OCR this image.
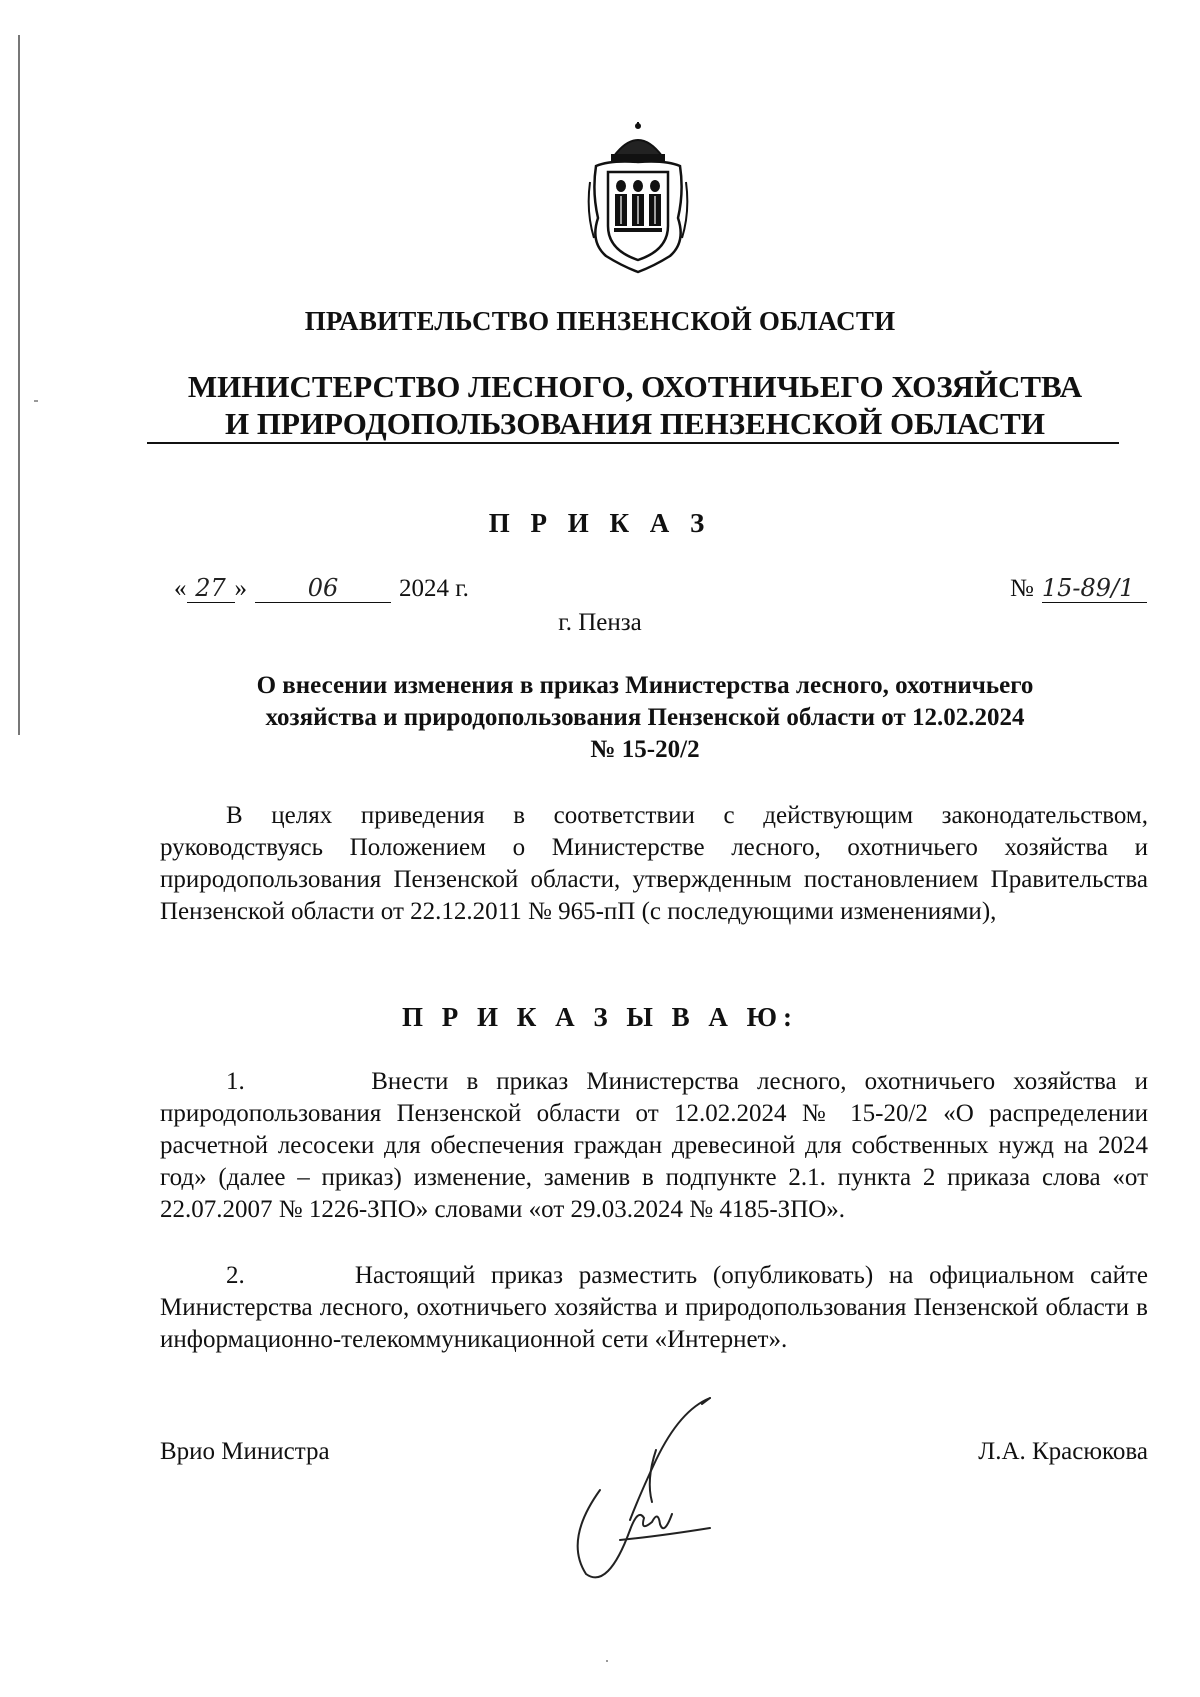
ПРАВИТЕЛЬСТВО ПЕНЗЕНСКОЙ ОБЛАСТИ
МИНИСТЕРСТВО ЛЕСНОГО, ОХОТНИЧЬЕГО ХОЗЯЙСТВА
И ПРИРОДОПОЛЬЗОВАНИЯ ПЕНЗЕНСКОЙ ОБЛАСТИ
П Р И К А З
« 27 »	06 2024 г.	№ 15-89/1
г. Пенза
О внесении изменения в приказ Министерства лесного, охотничьего
хозяйства и природопользования Пензенской области от 12.02.2024
№ 15-20/2

В целях приведения в соответствии с действующим законодательством, руководствуясь Положением о Министерстве лесного, охотничьего хозяйства и природопользования Пензенской области, утвержденным постановлением Правительства Пензенской области от 22.12.2011 № 965-пП (с последующими изменениями),

П Р И К А З Ы В А Ю:

1.	Внести в приказ Министерства лесного, охотничьего хозяйства и природопользования Пензенской области от 12.02.2024 № 15-20/2 «О распределении расчетной лесосеки для обеспечения граждан древесиной для собственных нужд на 2024 год» (далее – приказ) изменение, заменив в подпункте 2.1. пункта 2 приказа слова «от 22.07.2007 № 1226-ЗПО» словами «от 29.03.2024 № 4185-ЗПО».

2.	Настоящий приказ разместить (опубликовать) на официальном сайте Министерства лесного, охотничьего хозяйства и природопользования Пензенской области в информационно-телекоммуникационной сети «Интернет».

Врио Министра	Л.А. Красюкова
